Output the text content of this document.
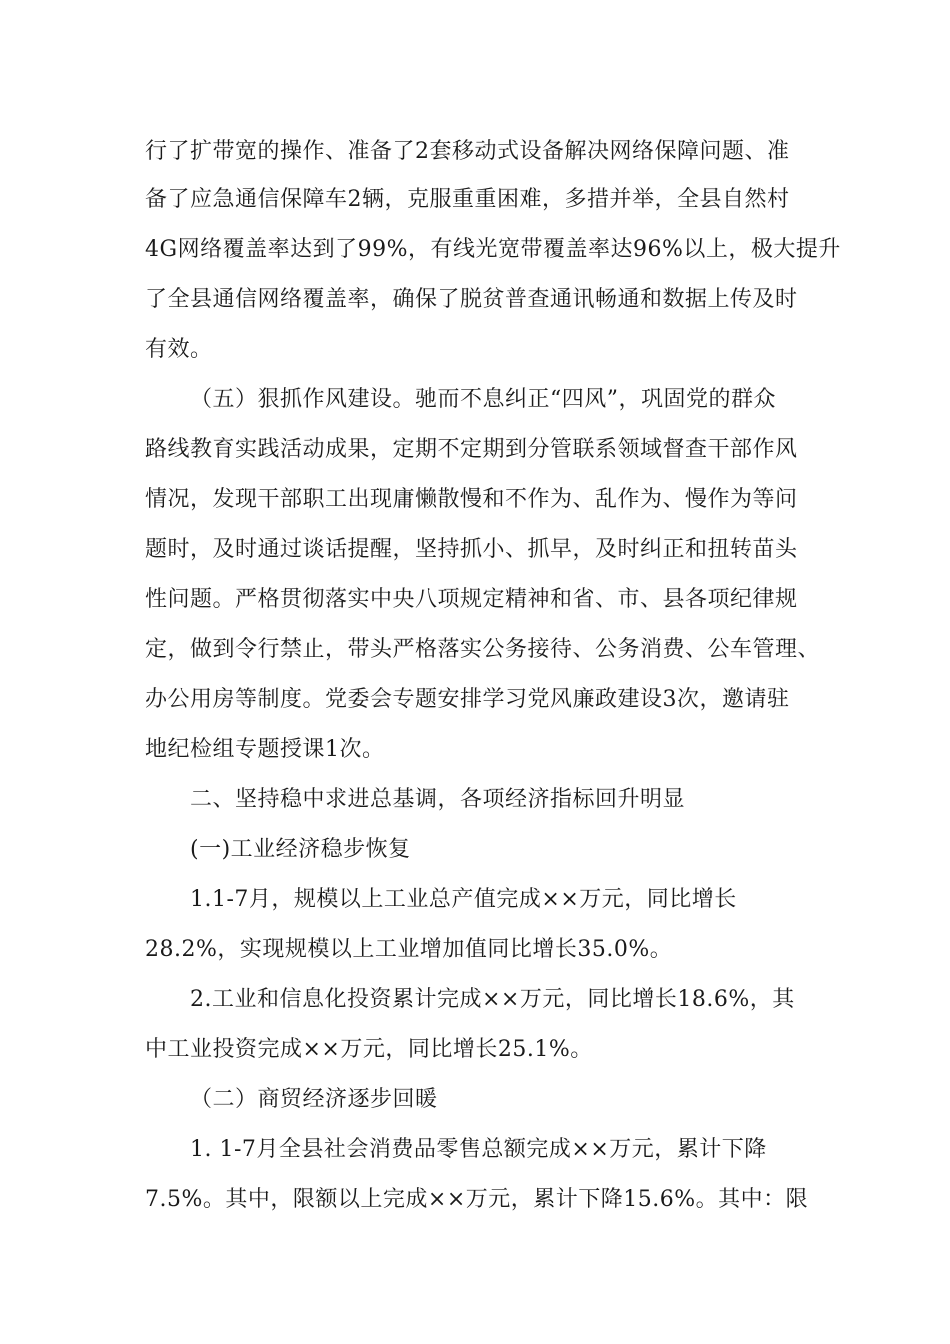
行了扩带宽的操作、准备了2套移动式设备解决网络保障问题、准
备了应急通信保障车2辆，克服重重困难，多措并举，全县自然村
4G网络覆盖率达到了99%，有线光宽带覆盖率达96%以上，极大提升
了全县通信网络覆盖率，确保了脱贫普查通讯畅通和数据上传及时
有效。
（五）狠抓作风建设。驰而不息纠正“四风”，巩固党的群众
路线教育实践活动成果，定期不定期到分管联系领域督查干部作风
情况，发现干部职工出现庸懒散慢和不作为、乱作为、慢作为等问
题时，及时通过谈话提醒，坚持抓小、抓早，及时纠正和扭转苗头
性问题。严格贯彻落实中央八项规定精神和省、市、县各项纪律规
定，做到令行禁止，带头严格落实公务接待、公务消费、公车管理、
办公用房等制度。党委会专题安排学习党风廉政建设3次，邀请驻
地纪检组专题授课1次。
二、坚持稳中求进总基调，各项经济指标回升明显
(一)工业经济稳步恢复
1.1-7月，规模以上工业总产值完成××万元，同比增长
28.2%，实现规模以上工业增加值同比增长35.0%。
2.工业和信息化投资累计完成××万元，同比增长18.6%，其
中工业投资完成××万元，同比增长25.1%。
（二）商贸经济逐步回暖
1. 1-7月全县社会消费品零售总额完成××万元，累计下降
7.5%。其中，限额以上完成××万元，累计下降15.6%。其中：限
